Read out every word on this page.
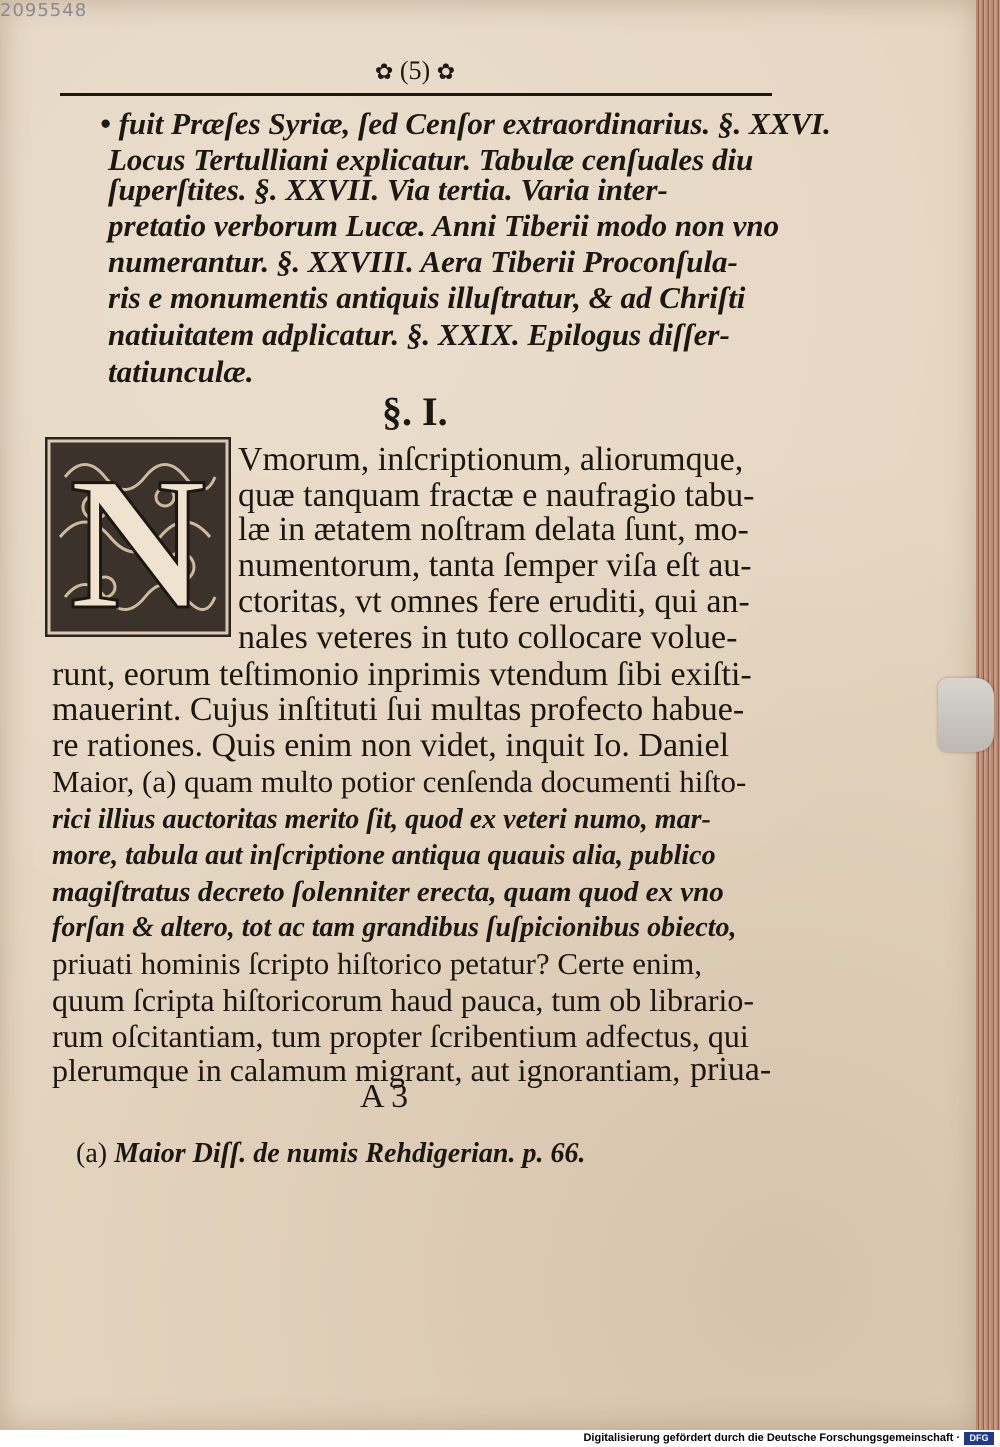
2095548
✿ (5) ✿
• fuit Præſes Syriæ, ſed Cenſor extraordinarius. §. XXVI.
Locus Tertulliani explicatur. Tabulæ cenſuales diu
ſuperſtites. §. XXVII. Via tertia. Varia inter-
pretatio verborum Lucæ. Anni Tiberii modo non vno
numerantur. §. XXVIII. Aera Tiberii Proconſula-
ris e monumentis antiquis illuſtratur, & ad Chriſti
natiuitatem adplicatur. §. XXIX. Epilogus diſſer-
tatiunculæ.
§. I.
N Vmorum, inſcriptionum, aliorumque,
quæ tanquam fractæ e naufragio tabu-
læ in ætatem noſtram delata ſunt, mo-
numentorum, tanta ſemper viſa eſt au-
ctoritas, vt omnes fere eruditi, qui an-
nales veteres in tuto collocare volue-
runt, eorum teſtimonio inprimis vtendum ſibi exiſti-
mauerint. Cujus inſtituti ſui multas profecto habue-
re rationes. Quis enim non videt, inquit Io. Daniel
Maior, (a) quam multo potior cenſenda documenti hiſto-
rici illius auctoritas merito ſit, quod ex veteri numo, mar-
more, tabula aut inſcriptione antiqua quauis alia, publico
magiſtratus decreto ſolenniter erecta, quam quod ex vno
forſan & altero, tot ac tam grandibus ſuſpicionibus obiecto,
priuati hominis ſcripto hiſtorico petatur? Certe enim,
quum ſcripta hiſtoricorum haud pauca, tum ob librario-
rum oſcitantiam, tum propter ſcribentium adfectus, qui
plerumque in calamum migrant, aut ignorantiam, priua-
A 3
(a) Maior Diſſ. de numis Rehdigerian. p. 66.
Digitalisierung gefördert durch die Deutsche Forschungsgemeinschaft ·	DFG
